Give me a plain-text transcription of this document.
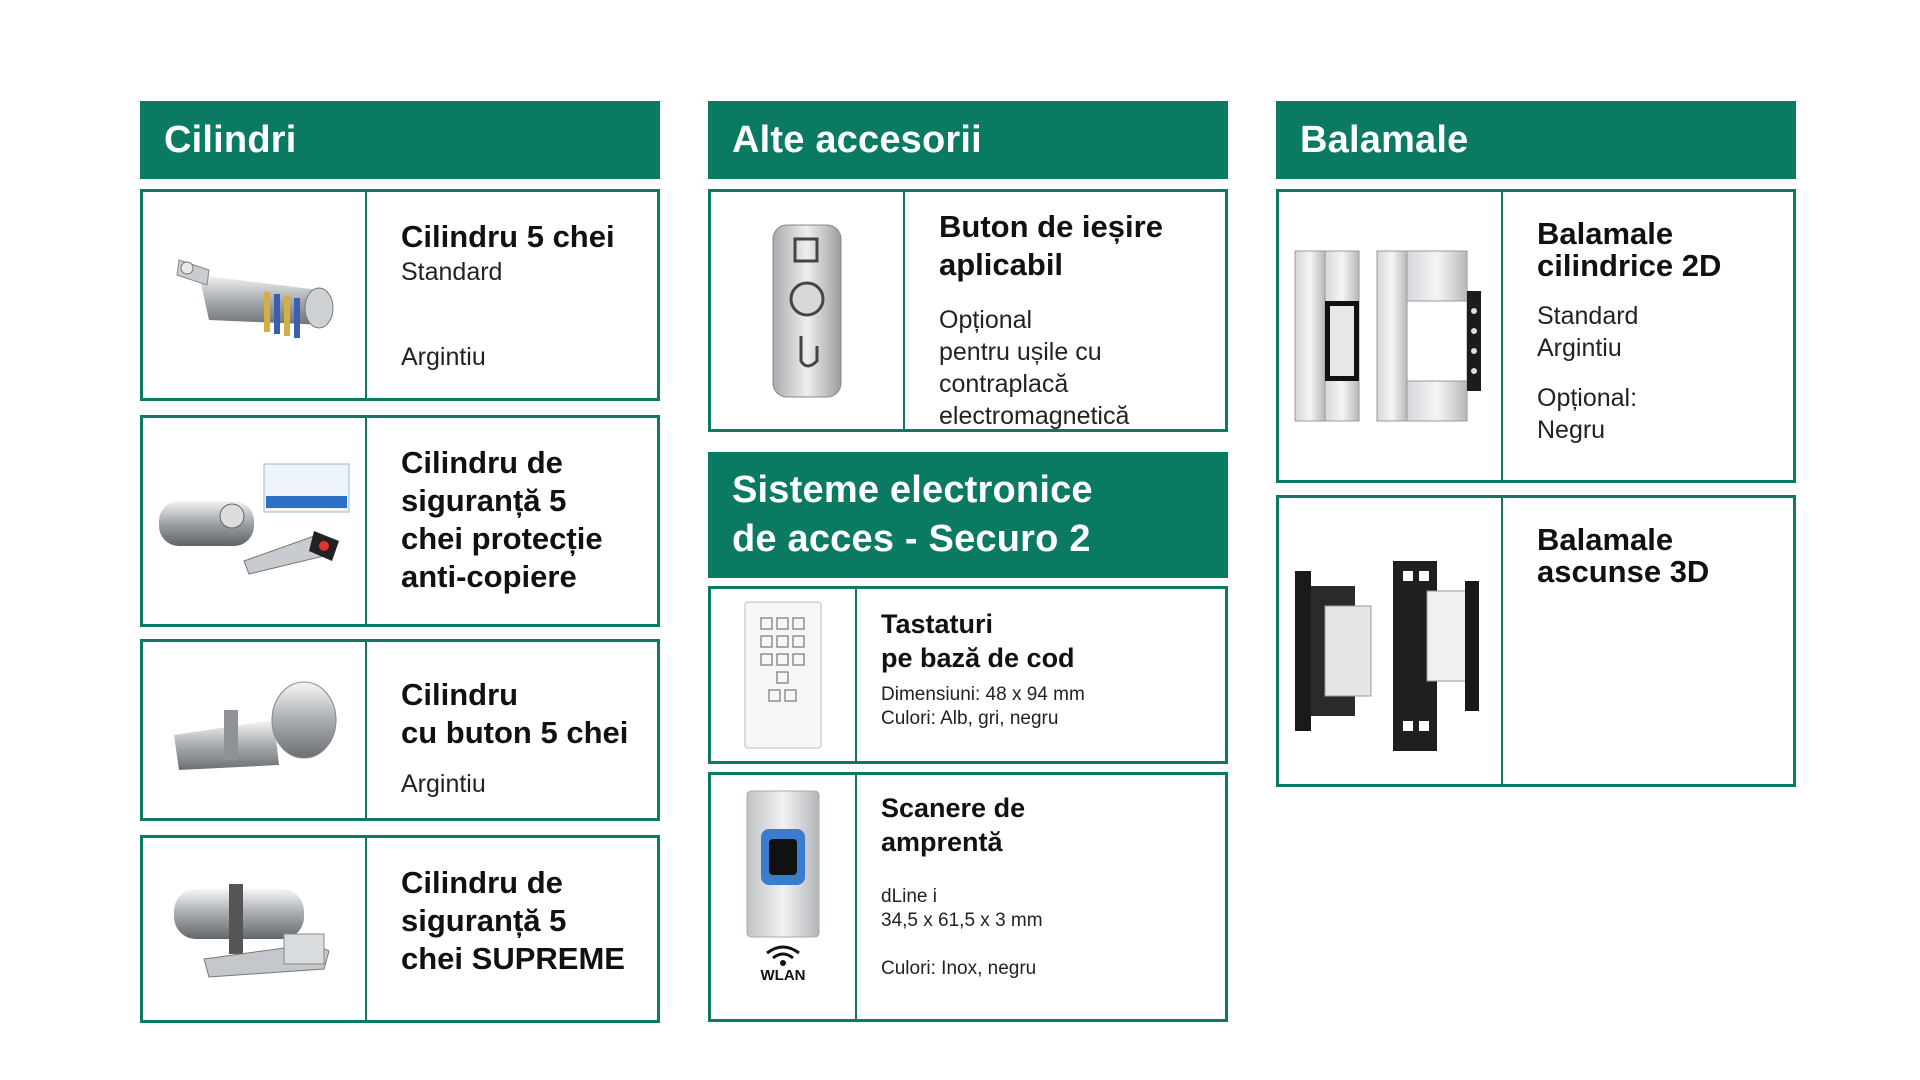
Cilindri
Cilindru 5 chei
Standard
Argintiu
Cilindru de
siguranță 5
chei protecție
anti-copiere
Cilindru
cu buton 5 chei
Argintiu
Cilindru de
siguranță 5
chei SUPREME
Alte accesorii
Buton de ieșire
aplicabil
Opțional
pentru ușile cu
contraplacă
electromagnetică
Sisteme electronice
de acces - Securo 2
Tastaturi
pe bază de cod
Dimensiuni: 48 x 94 mm
Culori: Alb, gri, negru
WLAN
Scanere de
amprentă
dLine i
34,5 x 61,5 x 3 mm
Culori: Inox, negru
Balamale
Balamale
cilindrice 2D
Standard
Argintiu
Opțional:
Negru
Balamale
ascunse 3D
